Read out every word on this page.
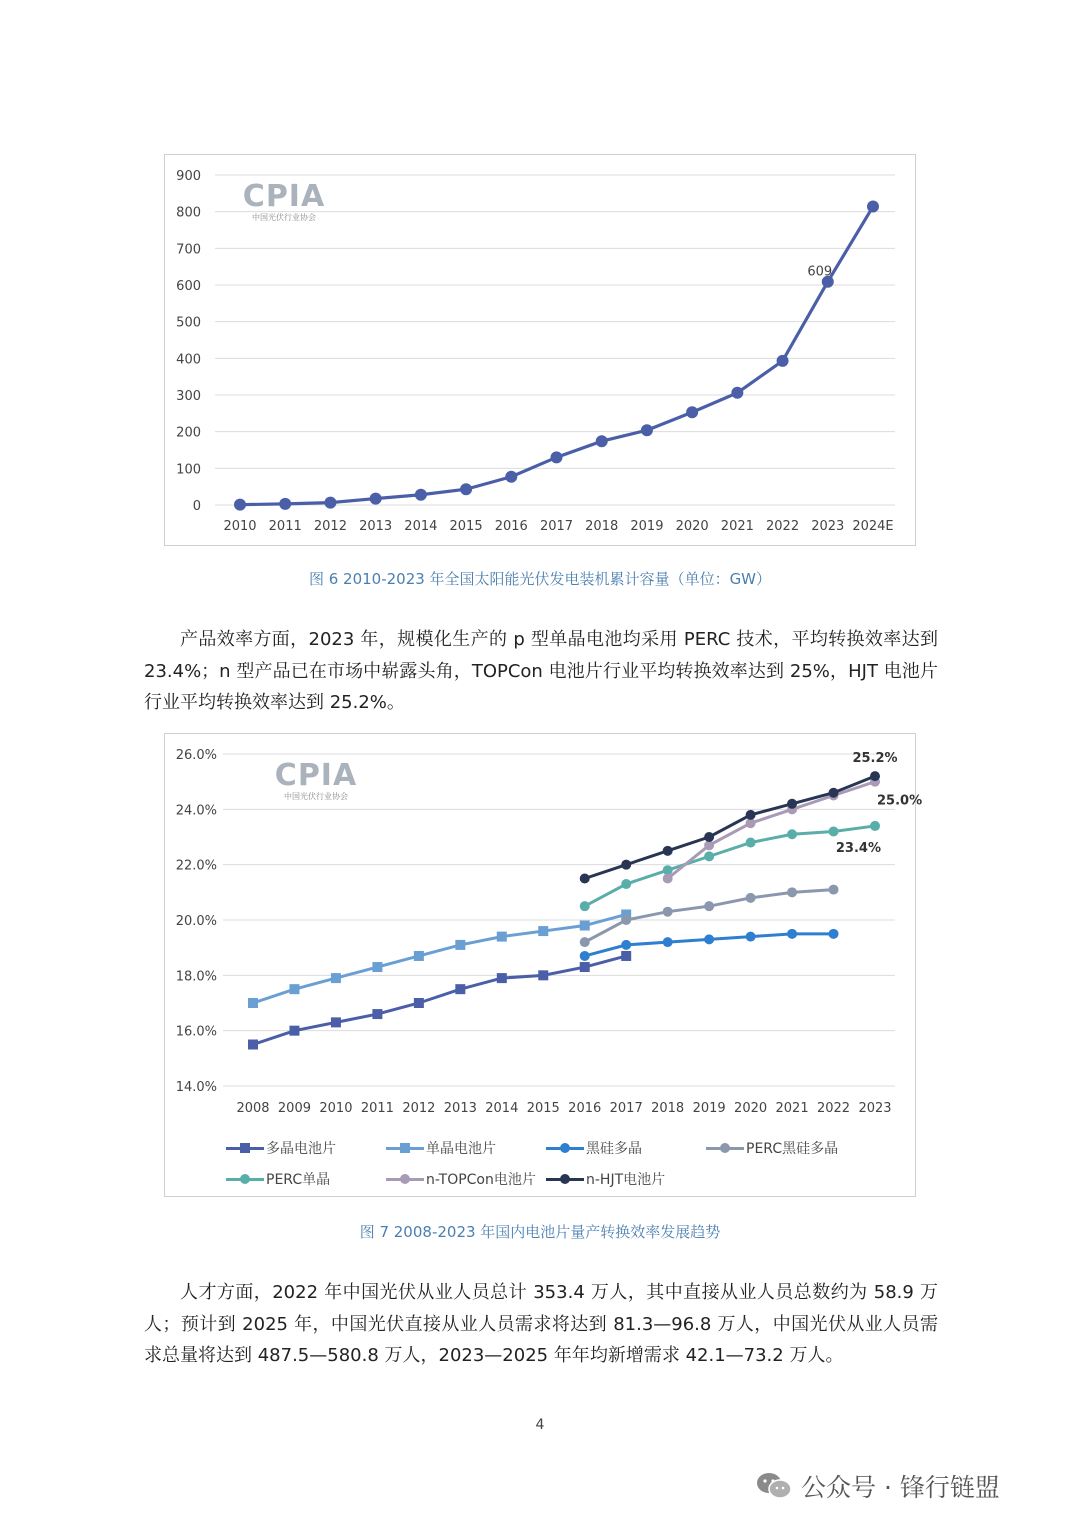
CPIA
中国光伏行业协会
900
800
700
600
500
400
300
200
100
0
2010 2011 2012 2013 2014 2015 2016 2017 2018 2019 2020 2021 2022 2023 2024E
609
图 6 2010-2023 年全国太阳能光伏发电装机累计容量（单位：GW）
产品效率方面，2023 年，规模化生产的 p 型单晶电池均采用 PERC 技术，平均转换效率达到 23.4%；n 型产品已在市场中崭露头角，TOPCon 电池片行业平均转换效率达到 25%，HJT 电池片行业平均转换效率达到 25.2%。
CPIA
中国光伏行业协会
26.0%
24.0%
22.0%
20.0%
18.0%
16.0%
14.0%
2008 2009 2010 2011 2012 2013 2014 2015 2016 2017 2018 2019 2020 2021 2022 2023
25.2%
25.0%
23.4%
多晶电池片	单晶电池片	黑硅多晶	PERC黑硅多晶
PERC单晶	n-TOPCon电池片	n-HJT电池片
图 7 2008-2023 年国内电池片量产转换效率发展趋势
人才方面，2022 年中国光伏从业人员总计 353.4 万人，其中直接从业人员总数约为 58.9 万人；预计到 2025 年，中国光伏直接从业人员需求将达到 81.3—96.8 万人，中国光伏从业人员需求总量将达到 487.5—580.8 万人，2023—2025 年年均新增需求 42.1—73.2 万人。
4
公众号 · 锋行链盟
